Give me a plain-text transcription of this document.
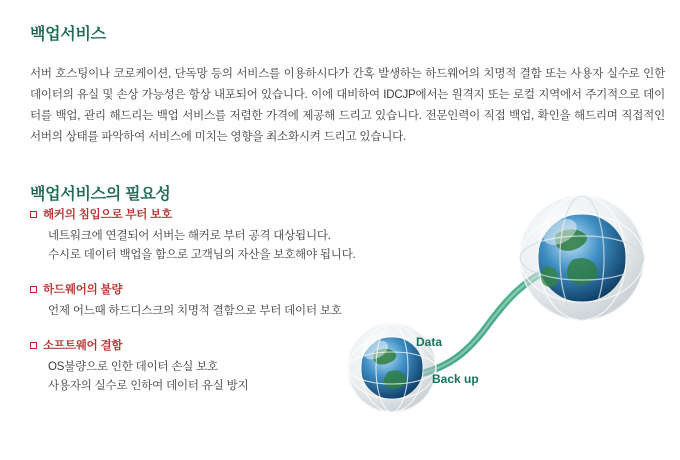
백업서비스

서버 호스팅이나 코로케이션, 단독망 등의 서비스를 이용하시다가 간혹 발생하는 하드웨어의 치명적 결함 또는 사용자 실수로 인한 데이터의 유실 및 손상 가능성은 항상 내포되어 있습니다. 이에 대비하여 IDCJP에서는 원격지 또는 로컬 지역에서 주기적으로 데이터를 백업, 관리 해드리는 백업 서비스를 저렴한 가격에 제공해 드리고 있습니다. 전문인력이 직접 백업, 확인을 해드리며 직접적인 서버의 상태를 파악하여 서비스에 미치는 영향을 최소화시켜 드리고 있습니다.

백업서비스의 필요성
해커의 침입으로 부터 보호
네트워크에 연결되어 서버는 해커로 부터 공격 대상됩니다.
수시로 데이터 백업을 함으로 고객님의 자산을 보호해야 됩니다.
하드웨어의 불량
언제 어느때 하드디스크의 치명적 결함으로 부터 데이터 보호
소프트웨어 결함
OS불량으로 인한 데이터 손실 보호
사용자의 실수로 인하여 데이터 유실 방지
Data
Back up
